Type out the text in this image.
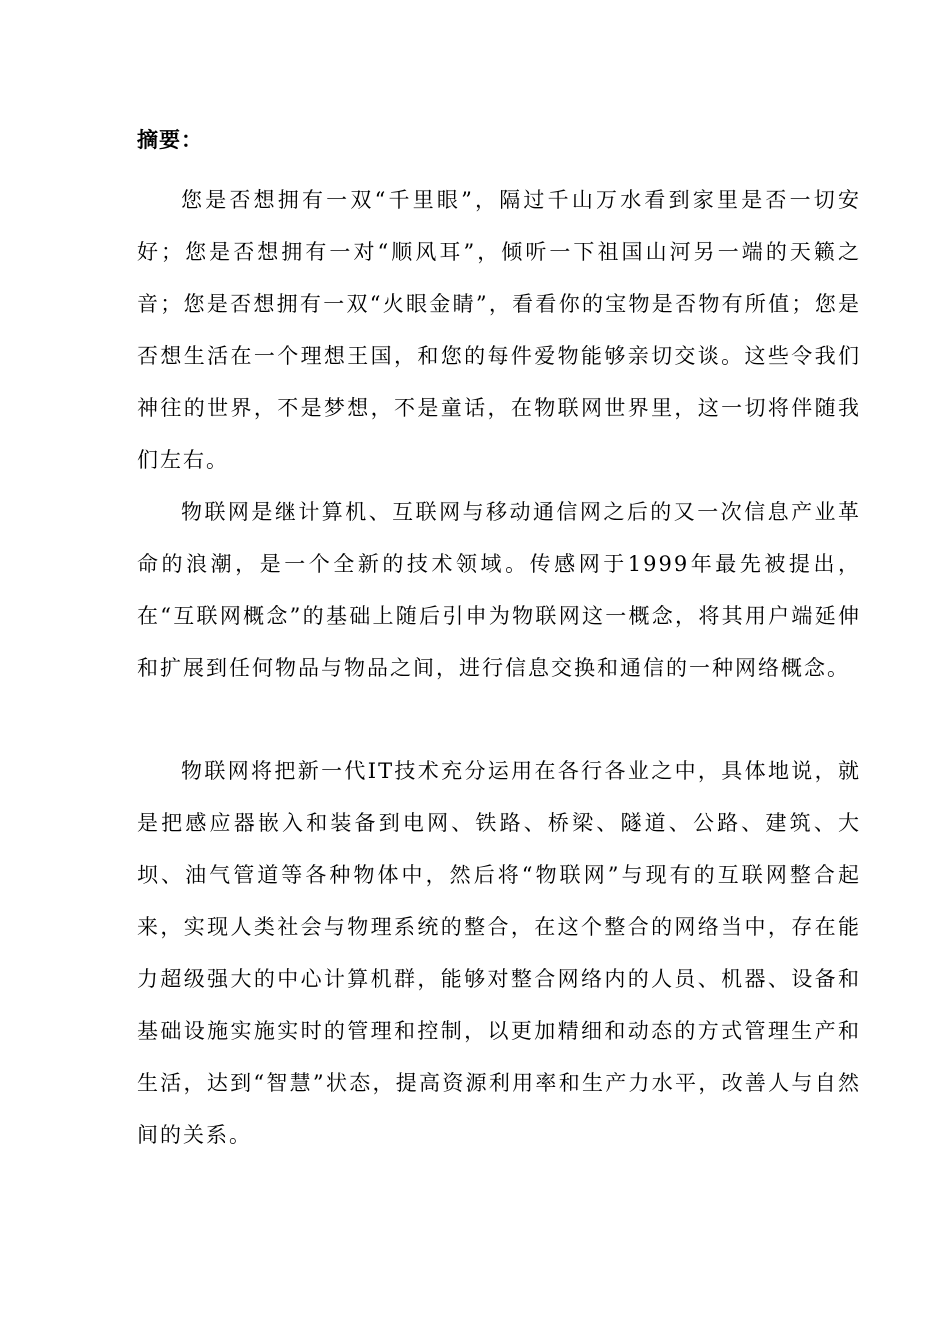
摘要：

您是否想拥有一双“千里眼”，隔过千山万水看到家里是否一切安好；您是否想拥有一对“顺风耳”，倾听一下祖国山河另一端的天籁之音；您是否想拥有一双“火眼金睛”，看看你的宝物是否物有所值；您是否想生活在一个理想王国，和您的每件爱物能够亲切交谈。这些令我们神往的世界，不是梦想，不是童话，在物联网世界里，这一切将伴随我们左右。

物联网是继计算机、互联网与移动通信网之后的又一次信息产业革命的浪潮，是一个全新的技术领域。传感网于1999年最先被提出，在“互联网概念”的基础上随后引申为物联网这一概念，将其用户端延伸和扩展到任何物品与物品之间，进行信息交换和通信的一种网络概念。

物联网将把新一代IT技术充分运用在各行各业之中，具体地说，就是把感应器嵌入和装备到电网、铁路、桥梁、隧道、公路、建筑、大坝、油气管道等各种物体中，然后将“物联网”与现有的互联网整合起来，实现人类社会与物理系统的整合，在这个整合的网络当中，存在能力超级强大的中心计算机群，能够对整合网络内的人员、机器、设备和基础设施实施实时的管理和控制，以更加精细和动态的方式管理生产和生活，达到“智慧”状态，提高资源利用率和生产力水平，改善人与自然间的关系。
